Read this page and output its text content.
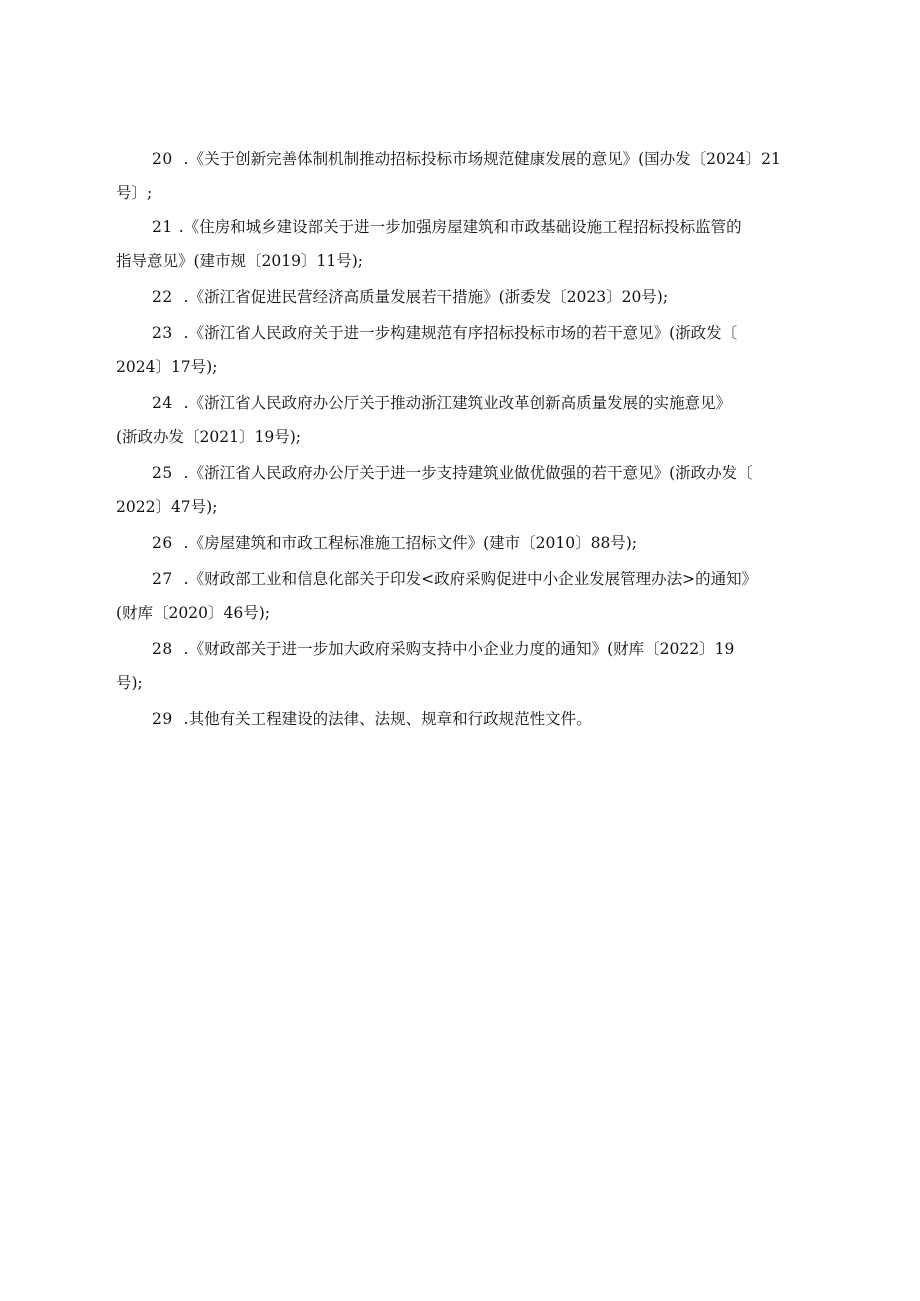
20 .《关于创新完善体制机制推动招标投标市场规范健康发展的意见》(国办发〔2024〕21
号〕;
21 .《住房和城乡建设部关于进一步加强房屋建筑和市政基础设施工程招标投标监管的
指导意见》(建市规〔2019〕11号);
22 .《浙江省促进民营经济高质量发展若干措施》(浙委发〔2023〕20号);
23 .《浙江省人民政府关于进一步构建规范有序招标投标市场的若干意见》(浙政发〔
2024〕17号);
24 .《浙江省人民政府办公厅关于推动浙江建筑业改革创新高质量发展的实施意见》
(浙政办发〔2021〕19号);
25 .《浙江省人民政府办公厅关于进一步支持建筑业做优做强的若干意见》(浙政办发〔
2022〕47号);
26 .《房屋建筑和市政工程标准施工招标文件》(建市〔2010〕88号);
27 .《财政部工业和信息化部关于印发<政府采购促进中小企业发展管理办法>的通知》
(财库〔2020〕46号);
28 .《财政部关于进一步加大政府采购支持中小企业力度的通知》(财库〔2022〕19
号);
29 .其他有关工程建设的法律、法规、规章和行政规范性文件。
